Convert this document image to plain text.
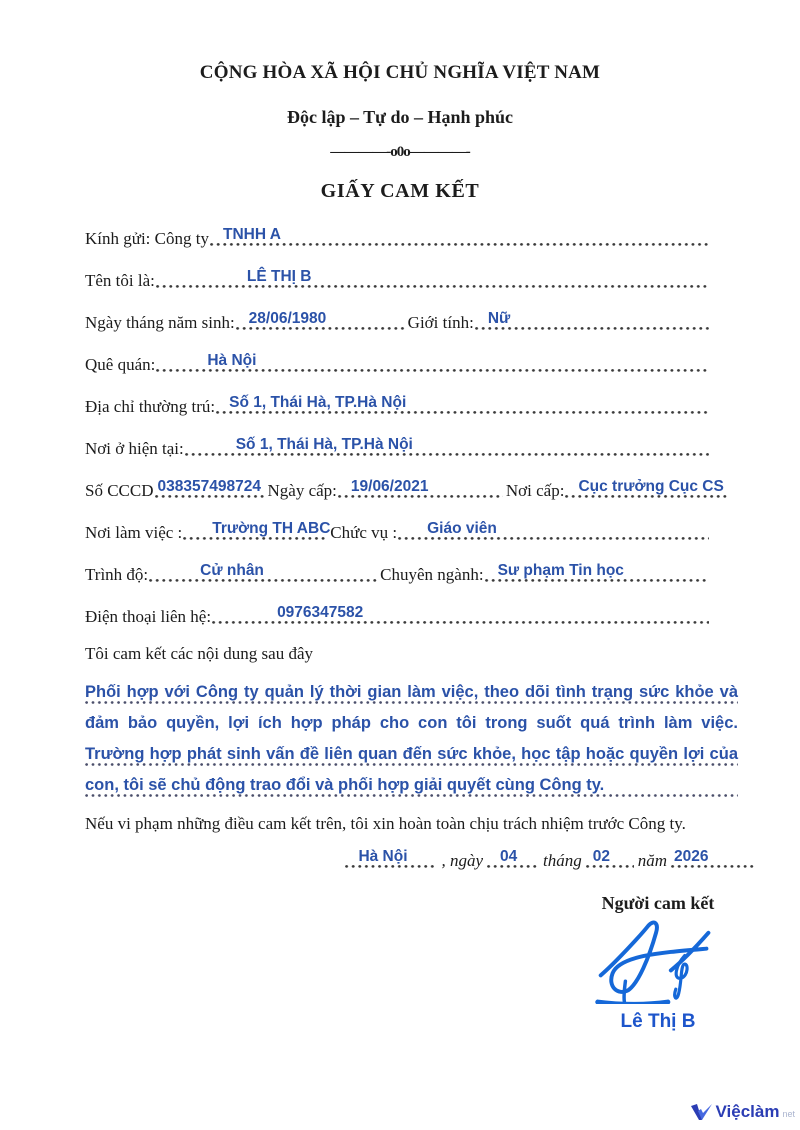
CỘNG HÒA XÃ HỘI CHỦ NGHĨA VIỆT NAM
Độc lập – Tự do – Hạnh phúc
————-o0o————-
GIẤY CAM KẾT
Kính gửi: Công ty TNHH A
Tên tôi là:	LÊ THỊ B
Ngày tháng năm sinh: 28/06/1980	Giới tính: Nữ
Quê quán:	Hà Nội
Địa chỉ thường trú: Số 1, Thái Hà, TP.Hà Nội
Nơi ở hiện tại:	Số 1, Thái Hà, TP.Hà Nội
Số CCCD 038357498724 Ngày cấp: 19/06/2021	Nơi cấp: Cục trưởng Cục CS
Nơi làm việc :	Trường TH ABC Chức vụ :	Giáo viên
Trình độ:	Cử nhân	Chuyên ngành: Sư phạm Tin học
Điện thoại liên hệ:	0976347582
Tôi cam kết các nội dung sau đây
Phối hợp với Công ty quản lý thời gian làm việc, theo dõi tình trạng sức khỏe và
đảm bảo quyền, lợi ích hợp pháp cho con tôi trong suốt quá trình làm việc.
Trường hợp phát sinh vấn đề liên quan đến sức khỏe, học tập hoặc quyền lợi của
con, tôi sẽ chủ động trao đổi và phối hợp giải quyết cùng Công ty.

Nếu vi phạm những điều cam kết trên, tôi xin hoàn toàn chịu trách nhiệm trước Công ty.

Hà Nội , ngày	04 tháng 02 năm 2026
Người cam kết
Lê Thị B
Việclàm net
